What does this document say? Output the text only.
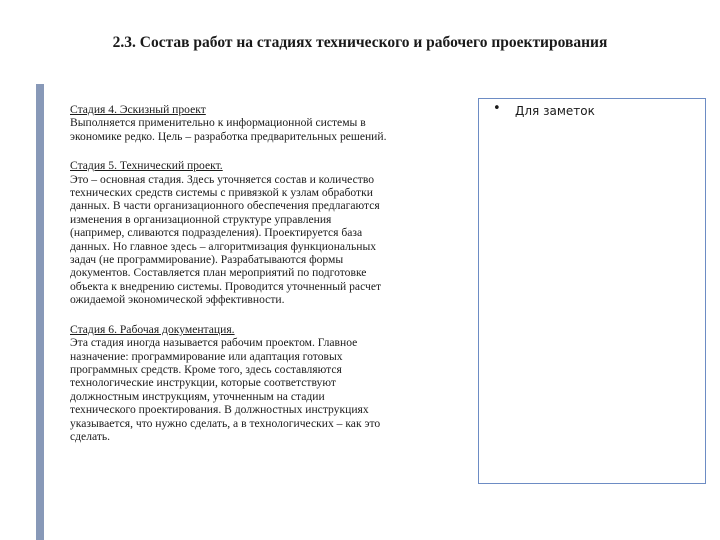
2.3. Состав работ на стадиях технического и рабочего проектирования
Стадия 4. Эскизный проект
Выполняется применительно к информационной системы в
экономике редко. Цель – разработка предварительных решений.
Стадия 5. Технический проект.
Это – основная стадия. Здесь уточняется состав и количество
технических средств системы с привязкой к узлам обработки
данных. В части организационного обеспечения предлагаются
изменения в организационной структуре управления
(например, сливаются подразделения). Проектируется база
данных. Но главное здесь – алгоритмизация функциональных
задач (не программирование). Разрабатываются формы
документов. Составляется план мероприятий по подготовке
объекта к внедрению системы. Проводится уточненный расчет
ожидаемой экономической эффективности.
Стадия 6. Рабочая документация.
Эта стадия иногда называется рабочим проектом. Главное
назначение: программирование или адаптация готовых
программных средств. Кроме того, здесь составляются
технологические инструкции, которые соответствуют
должностным инструкциям, уточненным на стадии
технического проектирования. В должностных инструкциях
указывается, что нужно сделать, а в технологических – как это
сделать.
• Для заметок
